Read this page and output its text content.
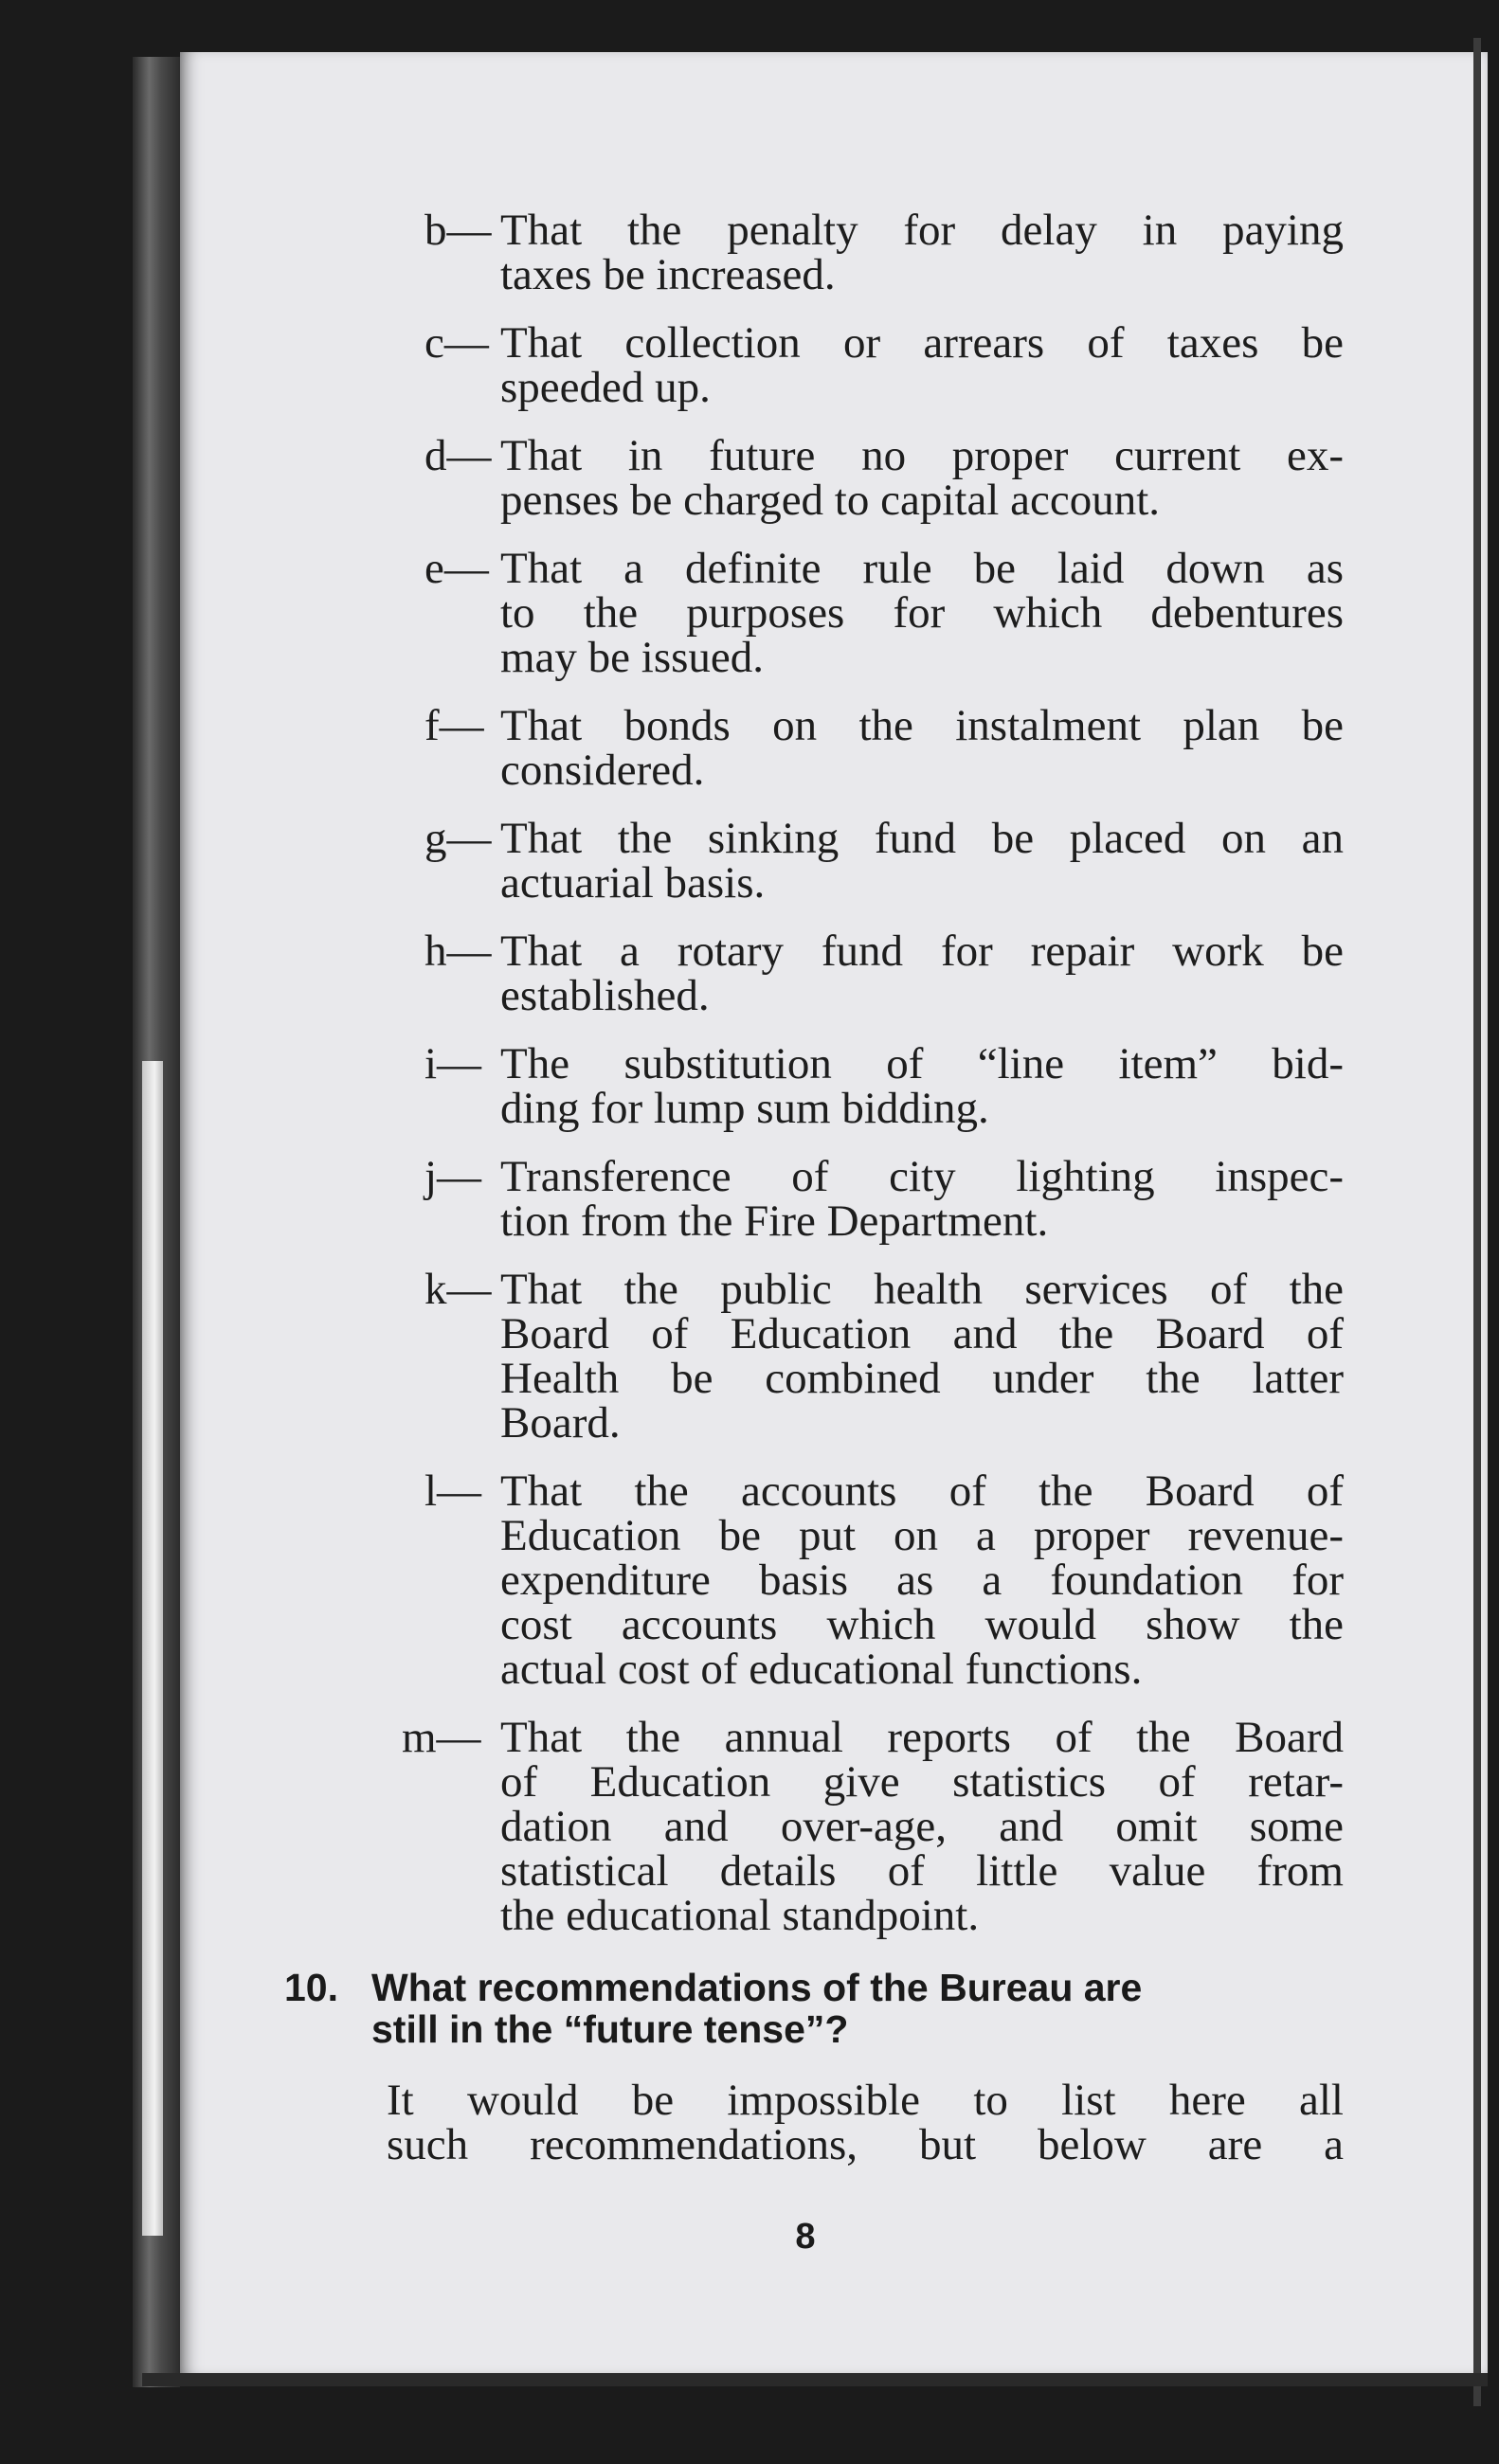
b— That the penalty for delay in paying
taxes be increased.
c— That collection or arrears of taxes be
speeded up.
d— That in future no proper current ex-
penses be charged to capital account.
e— That a definite rule be laid down as
to the purposes for which debentures
may be issued.
f— That bonds on the instalment plan be
considered.
g— That the sinking fund be placed on an
actuarial basis.
h— That a rotary fund for repair work be
established.
i— The substitution of “line item” bid-
ding for lump sum bidding.
j— Transference of city lighting inspec-
tion from the Fire Department.
k— That the public health services of the
Board of Education and the Board of
Health be combined under the latter
Board.
l— That the accounts of the Board of
Education be put on a proper revenue-
expenditure basis as a foundation for
cost accounts which would show the
actual cost of educational functions.
m— That the annual reports of the Board
of Education give statistics of retar-
dation and over-age, and omit some
statistical details of little value from
the educational standpoint.
10. What recommendations of the Bureau are
still in the “future tense”?
It would be impossible to list here all
such recommendations, but below are a
8
